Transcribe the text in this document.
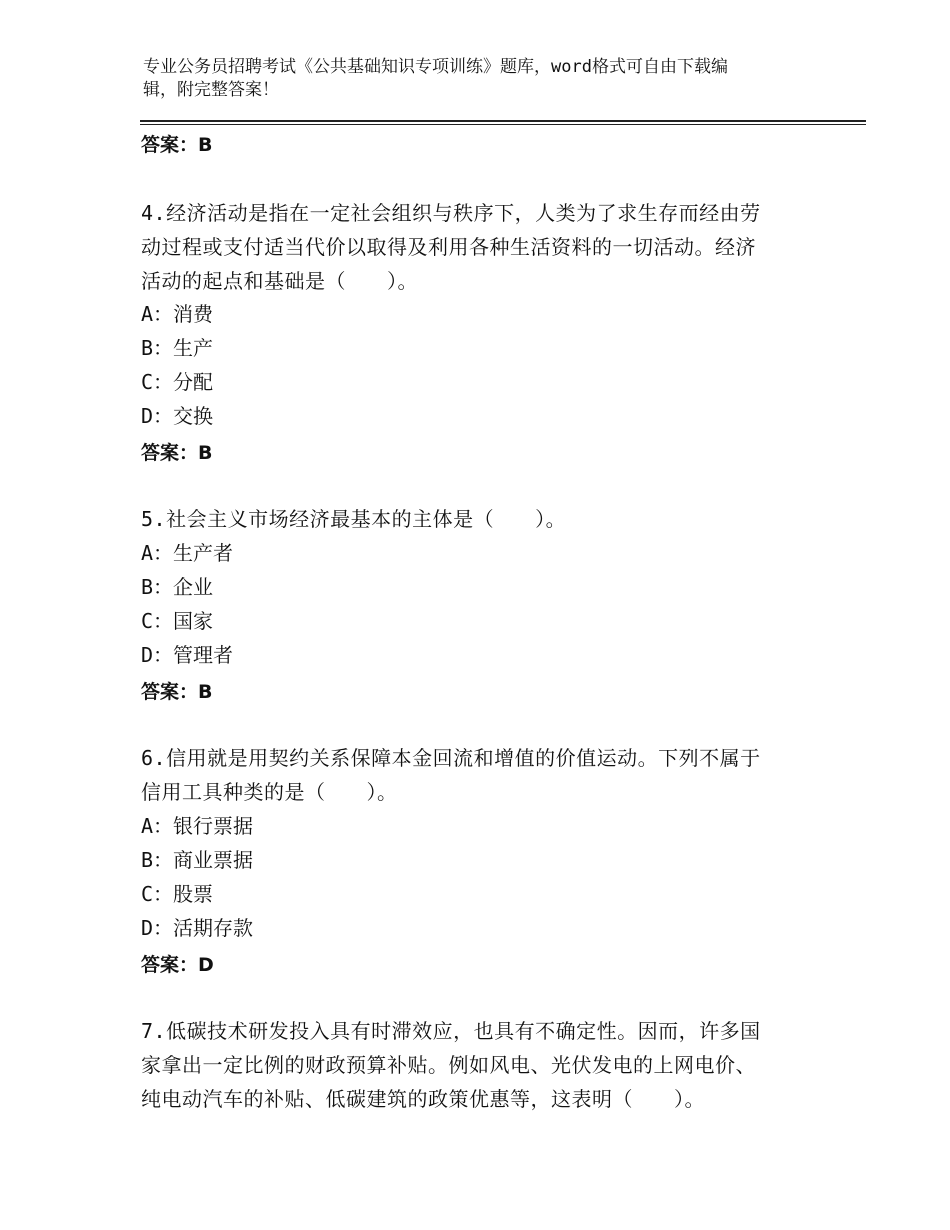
专业公务员招聘考试《公共基础知识专项训练》题库，word格式可自由下载编
辑，附完整答案！
答案：B
4.经济活动是指在一定社会组织与秩序下，人类为了求生存而经由劳
动过程或支付适当代价以取得及利用各种生活资料的一切活动。经济
活动的起点和基础是（　　）。
A：消费
B：生产
C：分配
D：交换
答案：B
5.社会主义市场经济最基本的主体是（　　）。
A：生产者
B：企业
C：国家
D：管理者
答案：B
6.信用就是用契约关系保障本金回流和增值的价值运动。下列不属于
信用工具种类的是（　　）。
A：银行票据
B：商业票据
C：股票
D：活期存款
答案：D
7.低碳技术研发投入具有时滞效应，也具有不确定性。因而，许多国
家拿出一定比例的财政预算补贴。例如风电、光伏发电的上网电价、
纯电动汽车的补贴、低碳建筑的政策优惠等，这表明（　　）。
